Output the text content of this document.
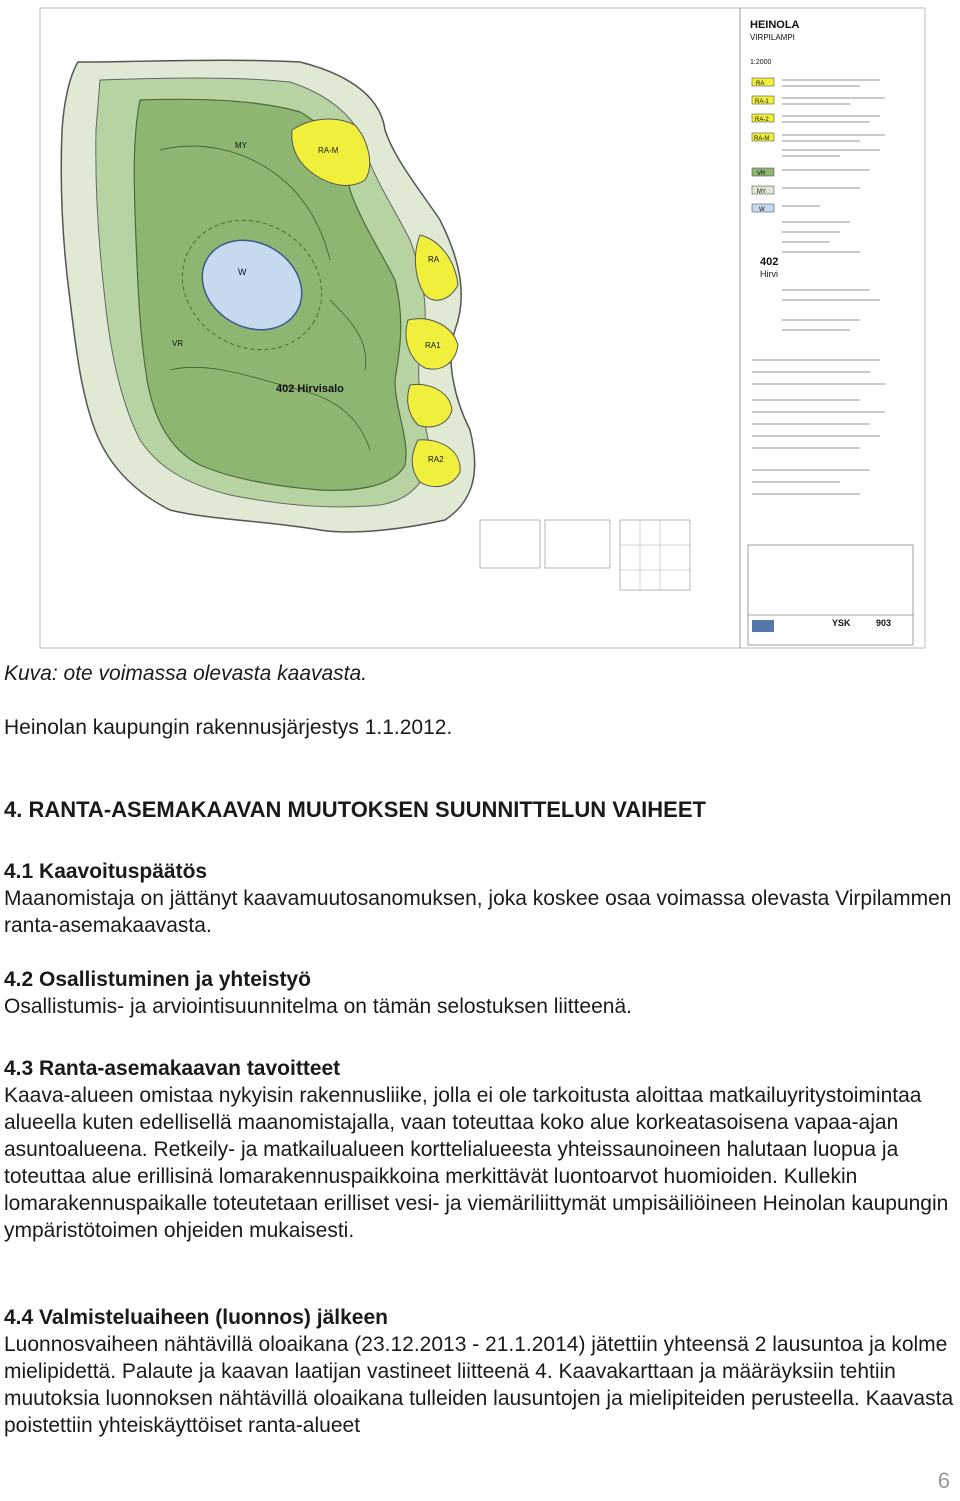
402 Hirvisalo
W
MY
VR
RA-M
RA
RA1
RA2
HEINOLA
VIRPILAMPI
1:2000
RA
RA-1
RA-2
RA-M
VR
MY
W
402
Hirvi
YSK	903
Kuva: ote voimassa olevasta kaavasta.
Heinolan kaupungin rakennusjärjestys 1.1.2012.
4. RANTA-ASEMAKAAVAN MUUTOKSEN SUUNNITTELUN VAIHEET
4.1 Kaavoituspäätös
Maanomistaja on jättänyt kaavamuutosanomuksen, joka koskee osaa voimassa olevasta Virpilammen ranta-asemakaavasta.
4.2 Osallistuminen ja yhteistyö
Osallistumis- ja arviointisuunnitelma on tämän selostuksen liitteenä.
4.3 Ranta-asemakaavan tavoitteet
Kaava-alueen omistaa nykyisin rakennusliike, jolla ei ole tarkoitusta aloittaa matkailuyritystoimintaa alueella kuten edellisellä maanomistajalla, vaan toteuttaa koko alue korkeatasoisena vapaa-ajan asuntoalueena. Retkeily- ja matkailualueen korttelialueesta yhteissaunoineen halutaan luopua ja toteuttaa alue erillisinä lomarakennuspaikkoina merkittävät luontoarvot huomioiden. Kullekin lomarakennuspaikalle toteutetaan erilliset vesi- ja viemäriliittymät umpisäiliöineen Heinolan kaupungin ympäristötoimen ohjeiden mukaisesti.
4.4 Valmisteluaiheen (luonnos) jälkeen
Luonnosvaiheen nähtävillä oloaikana (23.12.2013 - 21.1.2014) jätettiin yhteensä 2 lausuntoa ja kolme mielipidettä. Palaute ja kaavan laatijan vastineet liitteenä 4. Kaavakarttaan ja määräyksiin tehtiin muutoksia luonnoksen nähtävillä oloaikana tulleiden lausuntojen ja mielipiteiden perusteella. Kaavasta poistettiin yhteiskäyttöiset ranta-alueet
6
